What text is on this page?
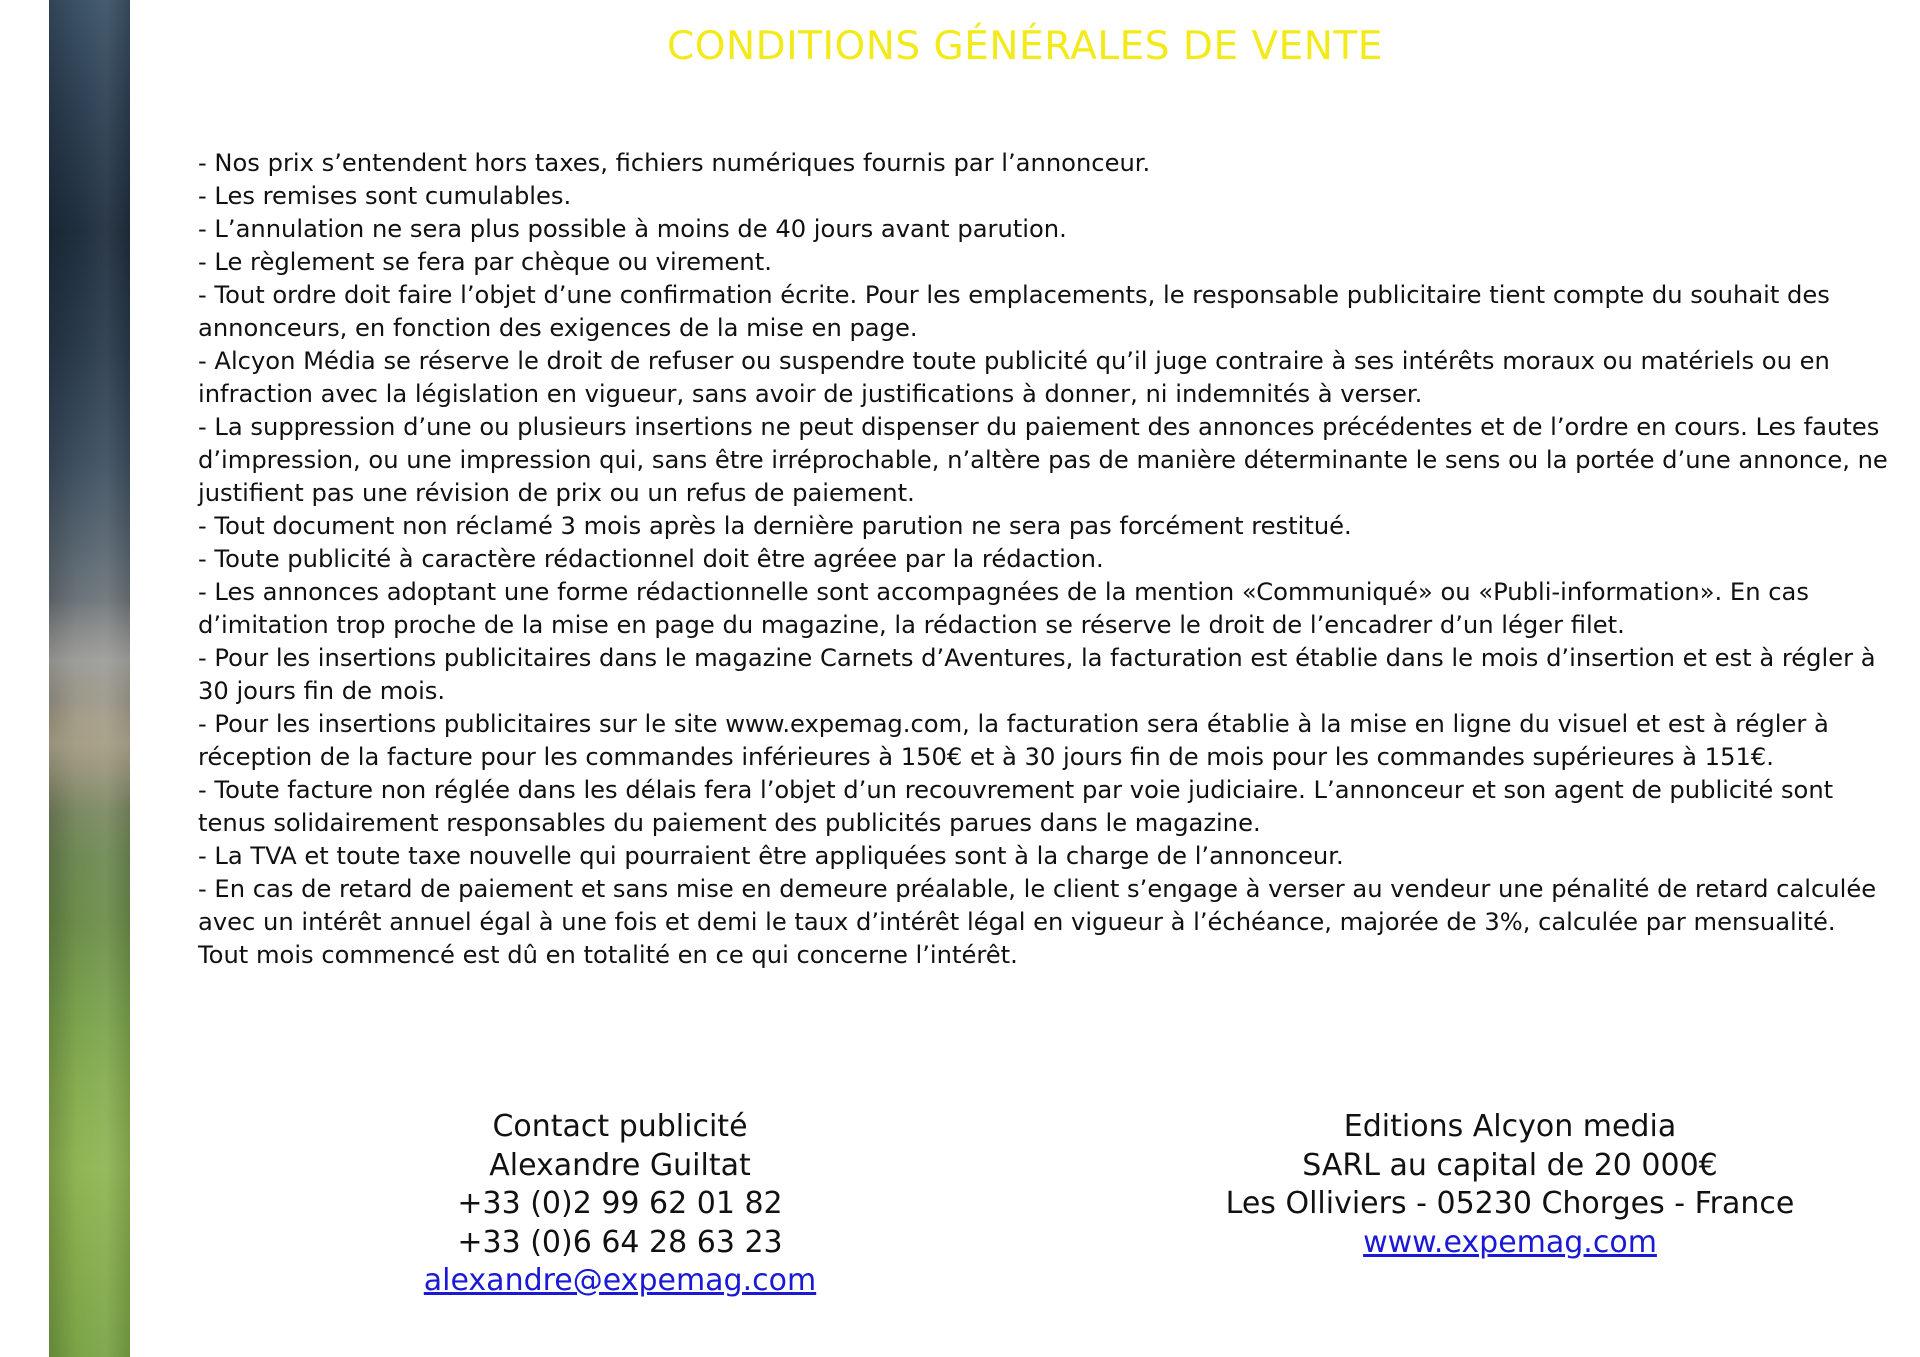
CONDITIONS GÉNÉRALES DE VENTE
- Nos prix s’entendent hors taxes, fichiers numériques fournis par l’annonceur.
- Les remises sont cumulables.
- L’annulation ne sera plus possible à moins de 40 jours avant parution.
- Le règlement se fera par chèque ou virement.
- Tout ordre doit faire l’objet d’une confirmation écrite. Pour les emplacements, le responsable publicitaire tient compte du souhait des annonceurs, en fonction des exigences de la mise en page.
- Alcyon Média se réserve le droit de refuser ou suspendre toute publicité qu’il juge contraire à ses intérêts moraux ou matériels ou en infraction avec la législation en vigueur, sans avoir de justifications à donner, ni indemnités à verser.
- La suppression d’une ou plusieurs insertions ne peut dispenser du paiement des annonces précédentes et de l’ordre en cours. Les fautes d’impression, ou une impression qui, sans être irréprochable, n’altère pas de manière déterminante le sens ou la portée d’une annonce, ne justifient pas une révision de prix ou un refus de paiement.
- Tout document non réclamé 3 mois après la dernière parution ne sera pas forcément restitué.
- Toute publicité à caractère rédactionnel doit être agréee par la rédaction.
- Les annonces adoptant une forme rédactionnelle sont accompagnées de la mention «Communiqué» ou «Publi-information». En cas d’imitation trop proche de la mise en page du magazine, la rédaction se réserve le droit de l’encadrer d’un léger filet.
- Pour les insertions publicitaires dans le magazine Carnets d’Aventures, la facturation est établie dans le mois d’insertion et est à régler à 30 jours fin de mois.
- Pour les insertions publicitaires sur le site www.expemag.com, la facturation sera établie à la mise en ligne du visuel et est à régler à réception de la facture pour les commandes inférieures à 150€ et à 30 jours fin de mois pour les commandes supérieures à 151€.
- Toute facture non réglée dans les délais fera l’objet d’un recouvrement par voie judiciaire. L’annonceur et son agent de publicité sont tenus solidairement responsables du paiement des publicités parues dans le magazine.
- La TVA et toute taxe nouvelle qui pourraient être appliquées sont à la charge de l’annonceur.
- En cas de retard de paiement et sans mise en demeure préalable, le client s’engage à verser au vendeur une pénalité de retard calculée avec un intérêt annuel égal à une fois et demi le taux d’intérêt légal en vigueur à l’échéance, majorée de 3%, calculée par mensualité. Tout mois commencé est dû en totalité en ce qui concerne l’intérêt.
Contact publicité
Alexandre Guiltat
+33 (0)2 99 62 01 82
+33 (0)6 64 28 63 23
alexandre@expemag.com
Editions Alcyon media
SARL au capital de 20 000€
Les Olliviers - 05230 Chorges - France
www.expemag.com
